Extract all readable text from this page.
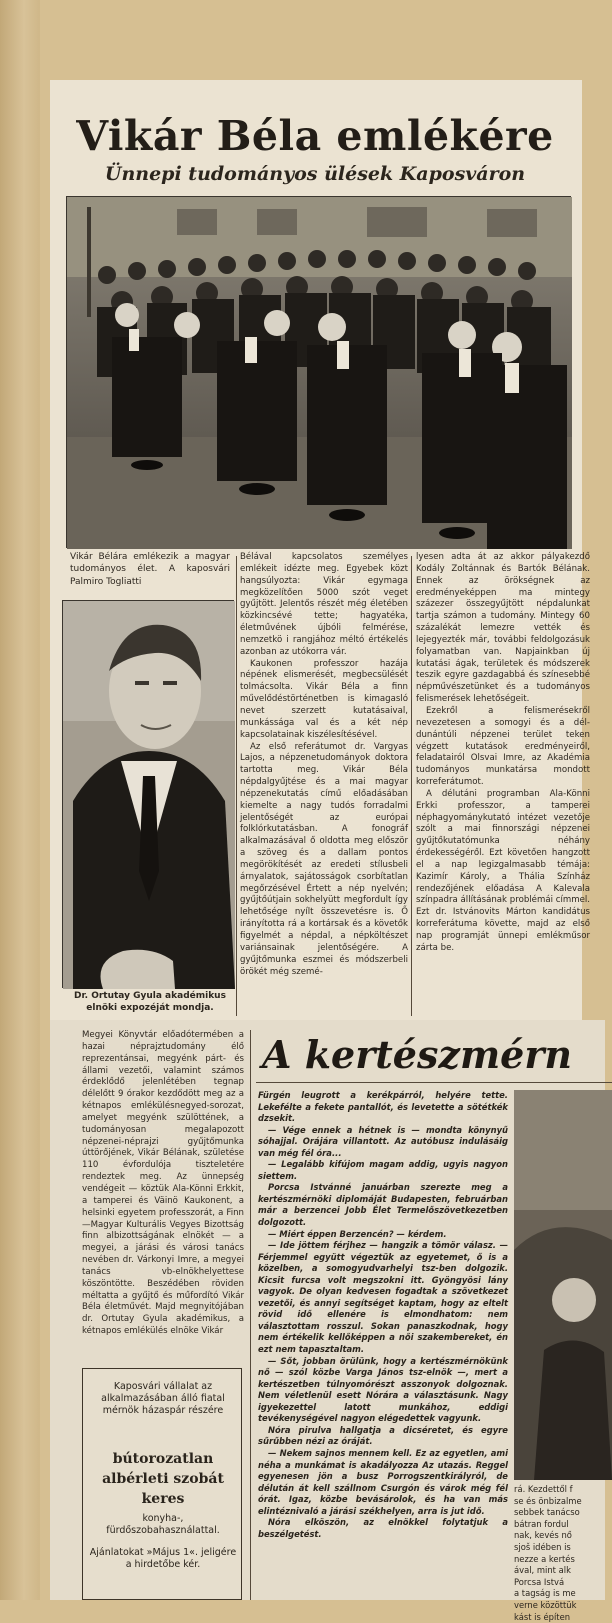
Vikár Béla emlékére
Ünnepi tudományos ülések Kaposváron
Vikár Bélára emlékezik a magyar tudományos élet. A kaposvári Palmiro Togliatti
Dr. Ortutay Gyula akadémikus elnöki expozéját mondja.
Bélával kapcsolatos személyes emlékeit idézte meg. Egyebek közt hangsúlyozta: Vikár egymaga megközelítően 5000 szót veget gyűjtött. Jelentős részét még életében közkincsévé tette; hagyatéka, életművének újbóli felmérése, nemzetkö i rangjához méltó értékelés azonban az utókorra vár.
Kaukonen professzor hazája népének elismerését, megbecsülését tolmácsolta. Vikár Béla a finn művelődéstörténetben is kimagasló nevet szerzett kutatásaival, munkássága val és a két nép kapcsolatainak kiszélesítésével.
Az első referátumot dr. Vargyas Lajos, a népzenetudományok doktora tartotta meg. Vikár Béla népdalgyűjtése és a mai magyar népzenekutatás című előadásában kiemelte a nagy tudós forradalmi jelentőségét az európai folklórkutatásban. A fonográf alkalmazásával ő oldotta meg először a szöveg és a dallam pontos megörökítését az eredeti stílusbeli árnyalatok, sajátosságok csorbítatlan megőrzésével Értett a nép nyelvén; gyűjtőútjain sokhelyütt megfordult így lehetősége nyílt összevetésre is. Ő irányította rá a kortársak és a követők figyelmét a népdal, a népköltészet variánsainak jelentőségére. A gyűjtőmunka eszmei és módszerbeli örökét még szemé-
lyesen adta át az akkor pályakezdő Kodály Zoltánnak és Bartók Bélának. Ennek az örökségnek az eredményeképpen ma mintegy százezer összegyűjtött népdalunkat tartja számon a tudomány. Mintegy 60 százalékát lemezre vették és lejegyezték már, további feldolgozásuk folyamatban van. Napjainkban új kutatási ágak, területek és módszerek teszik egyre gazdagabbá és színesebbé népművészetünket és a tudományos felismerések lehetőségeit.
Ezekről a felismerésekről nevezetesen a somogyi és a dél-dunántúli népzenei terület teken végzett kutatások eredményeiről, feladatairól Olsvai Imre, az Akadémia tudományos munkatársa mondott korreferátumot.
A délutáni programban Ala-Könni Erkki professzor, a tamperei néphagyománykutató intézet vezetője szólt a mai finnországi népzenei gyűjtőkutatómunka néhány érdekességéről. Ezt követően hangzott el a nap legizgalmasabb témája: Kazimír Károly, a Thália Színház rendezőjének előadása A Kalevala színpadra állításának problémái címmel. Ezt dr. Istvánovits Márton kandidátus korreferátuma követte, majd az első nap programját ünnepi emlékműsor zárta be.
Megyei Könyvtár előadótermében a hazai néprajztudomány élő reprezentánsai, megyénk párt- és állami vezetői, valamint számos érdeklődő jelenlétében tegnap délelőtt 9 órakor kezdődött meg az a kétnapos emlékülésnegyed-sorozat, amelyet megyénk szülöttének, a tudományosan megalapozott népzenei-néprajzi gyűjtőmunka úttörőjének, Vikár Bélának, születése 110 évfordulója tiszteletére rendeztek meg. Az ünnepség vendégeit — köztük Ala-Könni Erkkit, a tamperei és Väinö Kaukonent, a helsinki egyetem professzorát, a Finn—Magyar Kulturális Vegyes Bizottság finn albizottságának elnökét — a megyei, a járási és városi tanács nevében dr. Várkonyi Imre, a megyei tanács vb-elnökhelyettese köszöntötte. Beszédében röviden méltatta a gyűjtő és műfordító Vikár Béla életművét. Majd megnyitójában dr. Ortutay Gyula akadémikus, a kétnapos emlékülés elnöke Vikár
Kaposvári vállalat az alkalmazásában álló fiatal mérnök házaspár részére
bútorozatlan albérleti szobát keres
konyha-, fürdőszobahasználattal.
Ajánlatokat »Május 1«. jeligére a hirdetőbe kér.
A kertészmérn
Fürgén leugrott a kerékpárról, helyére tette. Lekefélte a fekete pantallót, és levetette a sötétkék dzsekit.
— Vége ennek a hétnek is — mondta könynyű sóhajjal. Orájára villantott. Az autóbusz indulásáig van még fél óra...
— Legalább kifújom magam addig, ugyis nagyon siettem.
Porcsa Istvánné januárban szerezte meg a kertészmérnöki diplomáját Budapesten, februárban már a berzencei Jobb Élet Termelőszövetkezetben dolgozott.
— Miért éppen Berzencén? — kérdem.
— Ide jöttem férjhez — hangzik a tömör válasz. — Férjemmel együtt végeztük az egyetemet, ő is a közelben, a somogyudvarhelyi tsz-ben dolgozik. Kicsit furcsa volt megszokni itt. Gyöngyösi lány vagyok. De olyan kedvesen fogadtak a szövetkezet vezetői, és annyi segítséget kaptam, hogy az eltelt rövid idő ellenére is elmondhatom: nem választottam rosszul. Sokan panaszkodnak, hogy nem értékelik kellőképpen a női szakembereket, én ezt nem tapasztaltam.
— Sőt, jobban örülünk, hogy a kertészmérnökünk nő — szól közbe Varga János tsz-elnök —, mert a kertészetben túlnyomórészt asszonyok dolgoznak. Nem véletlenül esett Nórára a választásunk. Nagy igyekezettel latott munkához, eddigi tevékenységével nagyon elégedettek vagyunk.
Nóra pirulva hallgatja a dicséretet, és egyre sűrűbben nézi az óráját.
— Nekem sajnos mennem kell. Ez az egyetlen, ami néha a munkámat is akadályozza Az utazás. Reggel egyenesen jön a busz Porrogszentkirályról, de délután át kell szállnom Csurgón és várok még fél órát. Igaz, közbe bevásárolok, és ha van más elintéznivaló a járási székhelyen, arra is jut idő.
Nóra elköszön, az elnökkel folytatjuk a beszélgetést.
rá. Kezdettől f
se és önbizalme
sebbek tanácso
bátran fordul
nak, kevés nő
sjoš idében is
nezze a kertés
ával, mint alk
Porcsa Istvá
a tagság is me
verne közöttük
kást is építen
